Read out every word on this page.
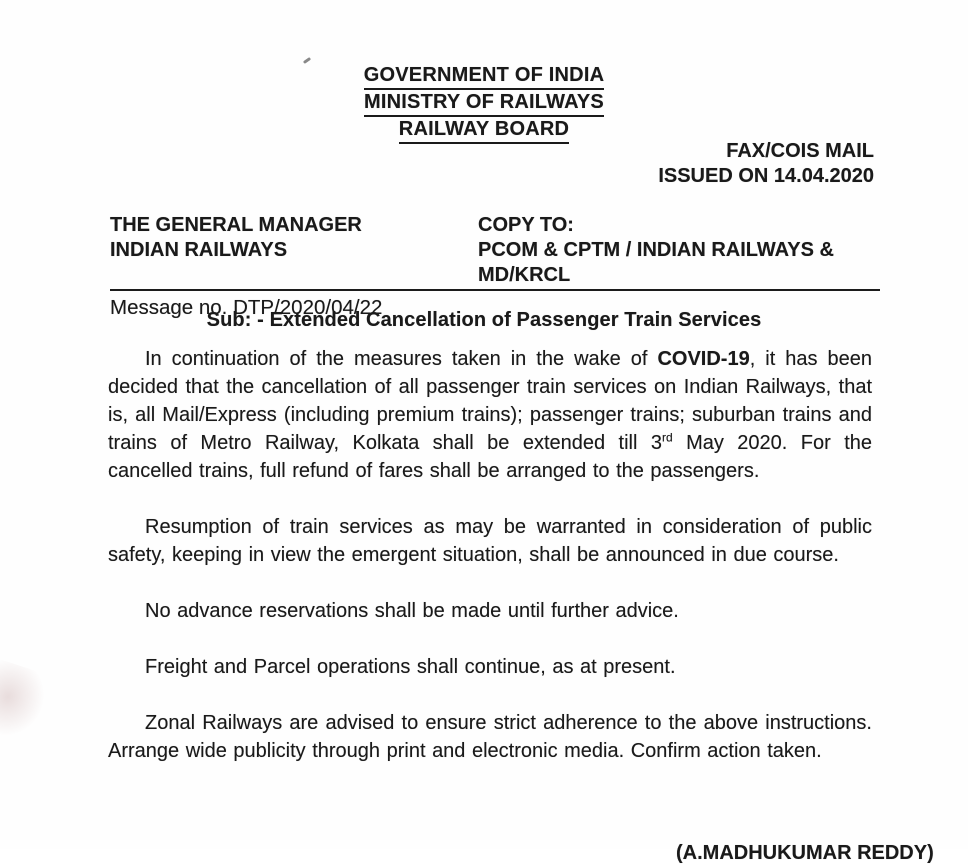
GOVERNMENT OF INDIA
MINISTRY OF RAILWAYS
RAILWAY BOARD
FAX/COIS MAIL
ISSUED ON 14.04.2020
THE GENERAL MANAGER	COPY TO:
INDIAN RAILWAYS	PCOM & CPTM / INDIAN RAILWAYS & MD/KRCL
Message no. DTP/2020/04/22
Sub: - Extended Cancellation of Passenger Train Services

In continuation of the measures taken in the wake of COVID-19, it has been decided that the cancellation of all passenger train services on Indian Railways, that is, all Mail/Express (including premium trains); passenger trains; suburban trains and trains of Metro Railway, Kolkata shall be extended till 3rd May 2020. For the cancelled trains, full refund of fares shall be arranged to the passengers.

Resumption of train services as may be warranted in consideration of public safety, keeping in view the emergent situation, shall be announced in due course.

No advance reservations shall be made until further advice.

Freight and Parcel operations shall continue, as at present.

Zonal Railways are advised to ensure strict adherence to the above instructions. Arrange wide publicity through print and electronic media. Confirm action taken.

(A.MADHUKUMAR REDDY)
